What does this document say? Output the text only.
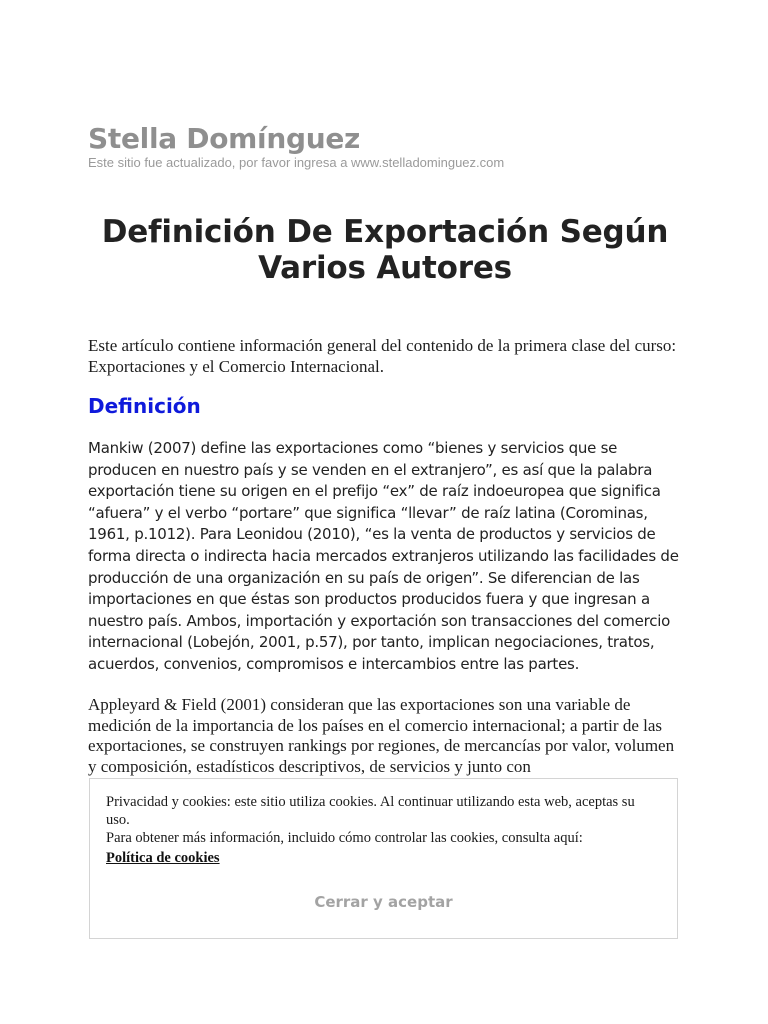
Stella Domínguez
Este sitio fue actualizado, por favor ingresa a www.stelladominguez.com
Definición De Exportación Según Varios Autores

Este artículo contiene información general del contenido de la primera clase del curso: Exportaciones y el Comercio Internacional.

Definición

Mankiw (2007) define las exportaciones como “bienes y servicios que se producen en nuestro país y se venden en el extranjero”, es así que la palabra exportación tiene su origen en el prefijo “ex” de raíz indoeuropea que significa “afuera” y el verbo “portare” que significa “llevar” de raíz latina (Corominas, 1961, p.1012). Para Leonidou (2010), “es la venta de productos y servicios de forma directa o indirecta hacia mercados extranjeros utilizando las facilidades de producción de una organización en su país de origen”. Se diferencian de las importaciones en que éstas son productos producidos fuera y que ingresan a nuestro país. Ambos, importación y exportación son transacciones del comercio internacional (Lobejón, 2001, p.57), por tanto, implican negociaciones, tratos, acuerdos, convenios, compromisos e intercambios entre las partes.

Appleyard & Field (2001) consideran que las exportaciones son una variable de medición de la importancia de los países en el comercio internacional; a partir de las exportaciones, se construyen rankings por regiones, de mercancías por valor, volumen y composición, estadísticos descriptivos, de servicios y junto con

Privacidad y cookies: este sitio utiliza cookies. Al continuar utilizando esta web, aceptas su uso.
Para obtener más información, incluido cómo controlar las cookies, consulta aquí:
Política de cookies
Cerrar y aceptar
